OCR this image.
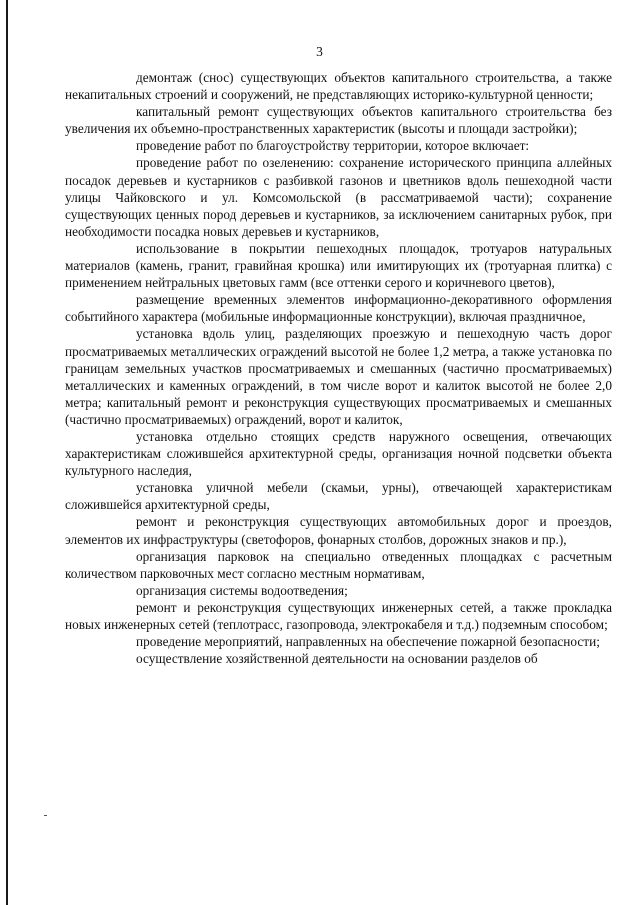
3

демонтаж (снос) существующих объектов капитального строительства, а также некапитальных строений и сооружений, не представляющих историко-культурной ценности;

капитальный ремонт существующих объектов капитального строительства без увеличения их объемно-пространственных характеристик (высоты и площади застройки);

проведение работ по благоустройству территории, которое включает:

проведение работ по озеленению: сохранение исторического принципа аллейных посадок деревьев и кустарников с разбивкой газонов и цветников вдоль пешеходной части улицы Чайковского и ул. Комсомольской (в рассматриваемой части); сохранение существующих ценных пород деревьев и кустарников, за исключением санитарных рубок, при необходимости посадка новых деревьев и кустарников,

использование в покрытии пешеходных площадок, тротуаров натуральных материалов (камень, гранит, гравийная крошка) или имитирующих их (тротуарная плитка) с применением нейтральных цветовых гамм (все оттенки серого и коричневого цветов),

размещение временных элементов информационно-декоративного оформления событийного характера (мобильные информационные конструкции), включая праздничное,

установка вдоль улиц, разделяющих проезжую и пешеходную часть дорог просматриваемых металлических ограждений высотой не более 1,2 метра, а также установка по границам земельных участков просматриваемых и смешанных (частично просматриваемых) металлических и каменных ограждений, в том числе ворот и калиток высотой не более 2,0 метра; капитальный ремонт и реконструкция существующих просматриваемых и смешанных (частично просматриваемых) ограждений, ворот и калиток,

установка отдельно стоящих средств наружного освещения, отвечающих характеристикам сложившейся архитектурной среды, организация ночной подсветки объекта культурного наследия,

установка уличной мебели (скамьи, урны), отвечающей характеристикам сложившейся архитектурной среды,

ремонт и реконструкция существующих автомобильных дорог и проездов, элементов их инфраструктуры (светофоров, фонарных столбов, дорожных знаков и пр.),

организация парковок на специально отведенных площадках с расчетным количеством парковочных мест согласно местным нормативам,

организация системы водоотведения;

ремонт и реконструкция существующих инженерных сетей, а также прокладка новых инженерных сетей (теплотрасс, газопровода, электрокабеля и т.д.) подземным способом;

проведение мероприятий, направленных на обеспечение пожарной безопасности;

осуществление хозяйственной деятельности на основании разделов об
